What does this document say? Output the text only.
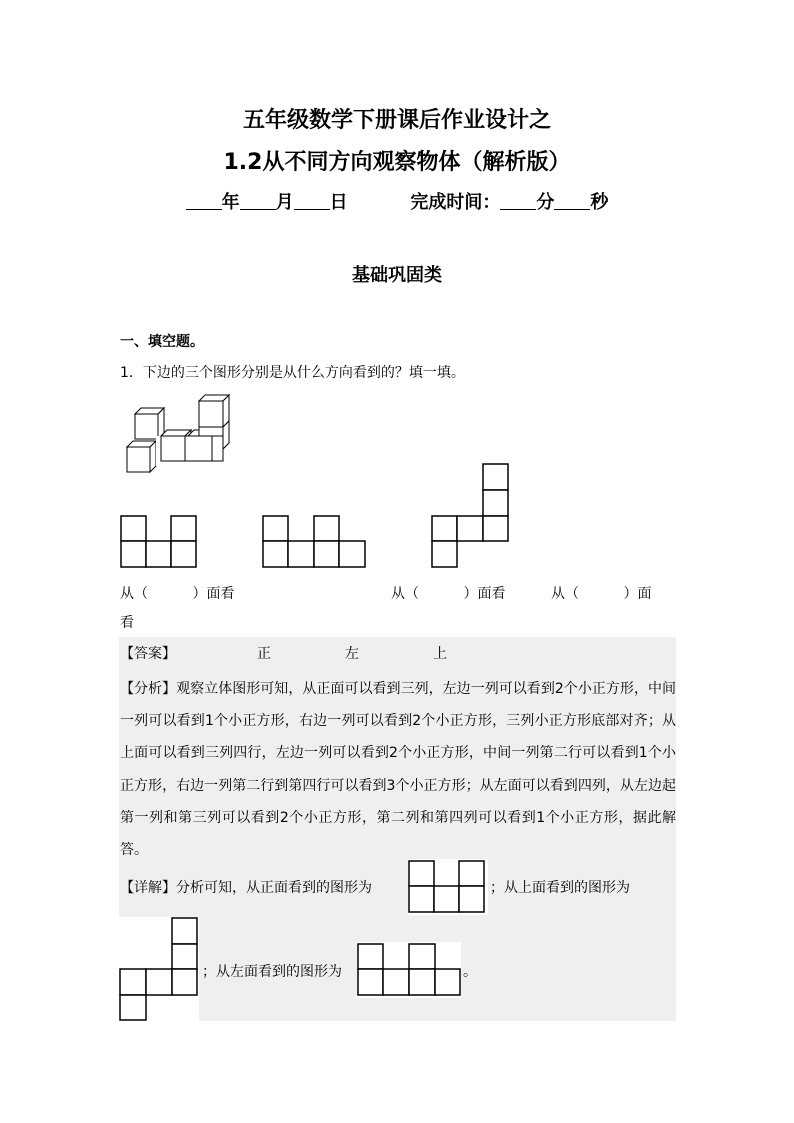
五年级数学下册课后作业设计之
1.2从不同方向观察物体（解析版）
年 月 日	完成时间： 分 秒
基础巩固类
一、填空题。
1．下边的三个图形分别是从什么方向看到的？填一填。
从（          ）面看	从（          ）面看	从（          ）面
看
【答案】	正	左	上
【分析】观察立体图形可知，从正面可以看到三列，左边一列可以看到2个小正方形，中间一列可以看到1个小正方形，右边一列可以看到2个小正方形，三列小正方形底部对齐；从上面可以看到三列四行，左边一列可以看到2个小正方形，中间一列第二行可以看到1个小正方形，右边一列第二行到第四行可以看到3个小正方形；从左面可以看到四列，从左边起第一列和第三列可以看到2个小正方形，第二列和第四列可以看到1个小正方形，据此解答。
【详解】分析可知，从正面看到的图形为	；从上面看到的图形为
；从左面看到的图形为	。
